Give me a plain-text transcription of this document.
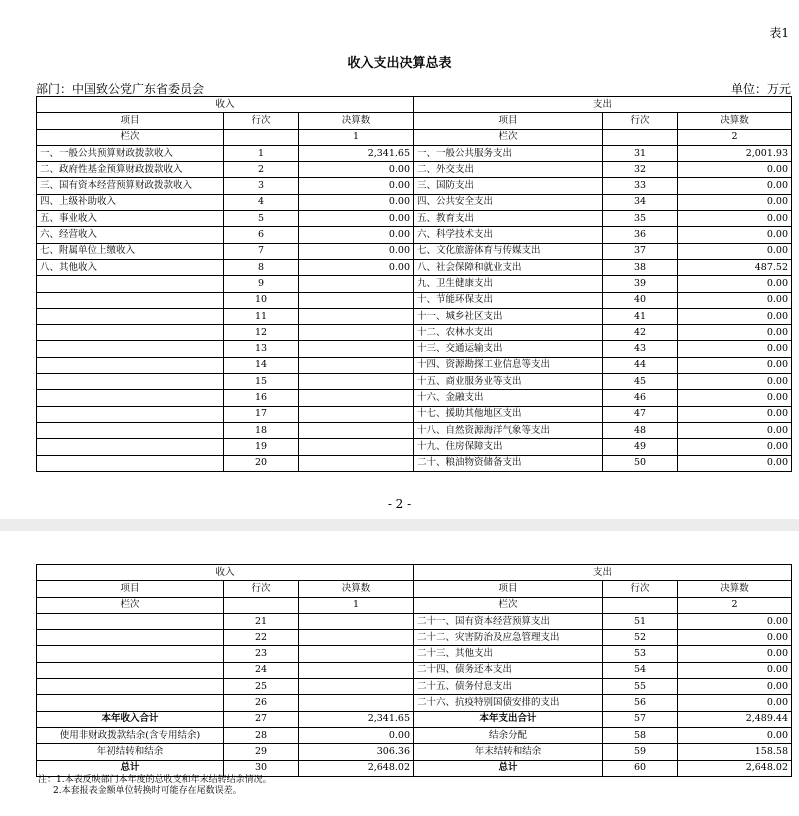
表1
收入支出决算总表
部门：中国致公党广东省委员会	单位：万元
收入			支出		
项目	行次	决算数	项目	行次	决算数
栏次		1	栏次		2
一、一般公共预算财政拨款收入	1	2,341.65	一、一般公共服务支出	31	2,001.93
二、政府性基金预算财政拨款收入	2	0.00	二、外交支出	32	0.00
三、国有资本经营预算财政拨款收入	3	0.00	三、国防支出	33	0.00
四、上级补助收入	4	0.00	四、公共安全支出	34	0.00
五、事业收入	5	0.00	五、教育支出	35	0.00
六、经营收入	6	0.00	六、科学技术支出	36	0.00
七、附属单位上缴收入	7	0.00	七、文化旅游体育与传媒支出	37	0.00
八、其他收入	8	0.00	八、社会保障和就业支出	38	487.52
	9		九、卫生健康支出	39	0.00
	10		十、节能环保支出	40	0.00
	11		十一、城乡社区支出	41	0.00
	12		十二、农林水支出	42	0.00
	13		十三、交通运输支出	43	0.00
	14		十四、资源勘探工业信息等支出	44	0.00
	15		十五、商业服务业等支出	45	0.00
	16		十六、金融支出	46	0.00
	17		十七、援助其他地区支出	47	0.00
	18		十八、自然资源海洋气象等支出	48	0.00
	19		十九、住房保障支出	49	0.00
	20		二十、粮油物资储备支出	50	0.00
- 2 -
收入			支出		
项目	行次	决算数	项目	行次	决算数
栏次		1	栏次		2
	21		二十一、国有资本经营预算支出	51	0.00
	22		二十二、灾害防治及应急管理支出	52	0.00
	23		二十三、其他支出	53	0.00
	24		二十四、债务还本支出	54	0.00
	25		二十五、债务付息支出	55	0.00
	26		二十六、抗疫特别国债安排的支出	56	0.00
本年收入合计	27	2,341.65	本年支出合计	57	2,489.44
使用非财政拨款结余(含专用结余)	28	0.00	结余分配	58	0.00
年初结转和结余	29	306.36	年末结转和结余	59	158.58
总计	30	2,648.02	总计	60	2,648.02
注：1.本表反映部门本年度的总收支和年末结转结余情况。
2.本套报表金额单位转换时可能存在尾数误差。
